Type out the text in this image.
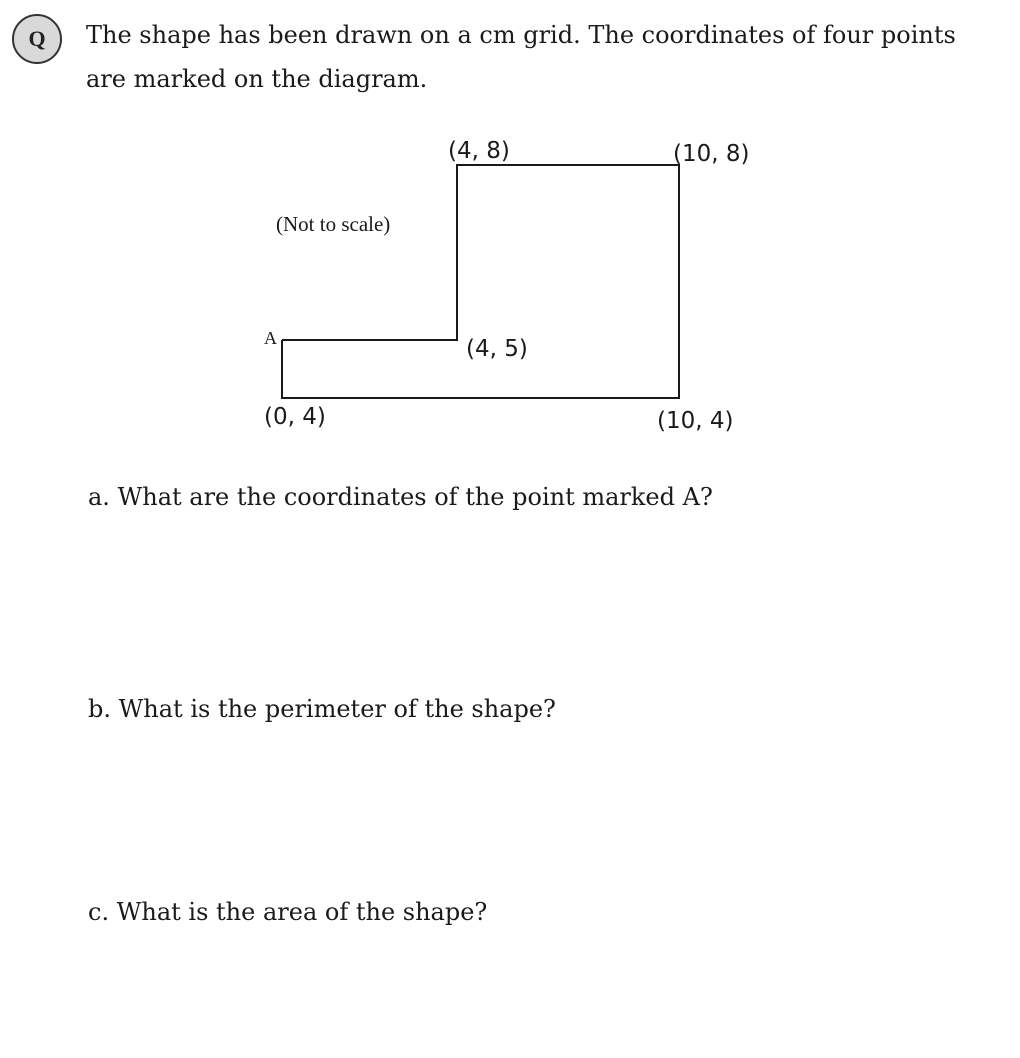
Q The shape has been drawn on a cm grid. The coordinates of four points are marked on the diagram.

(Not to scale)
A
(4, 8)	(10, 8)
(4, 5)
(0, 4)	(10, 4)

a. What are the coordinates of the point marked A?

b. What is the perimeter of the shape?

c. What is the area of the shape?
